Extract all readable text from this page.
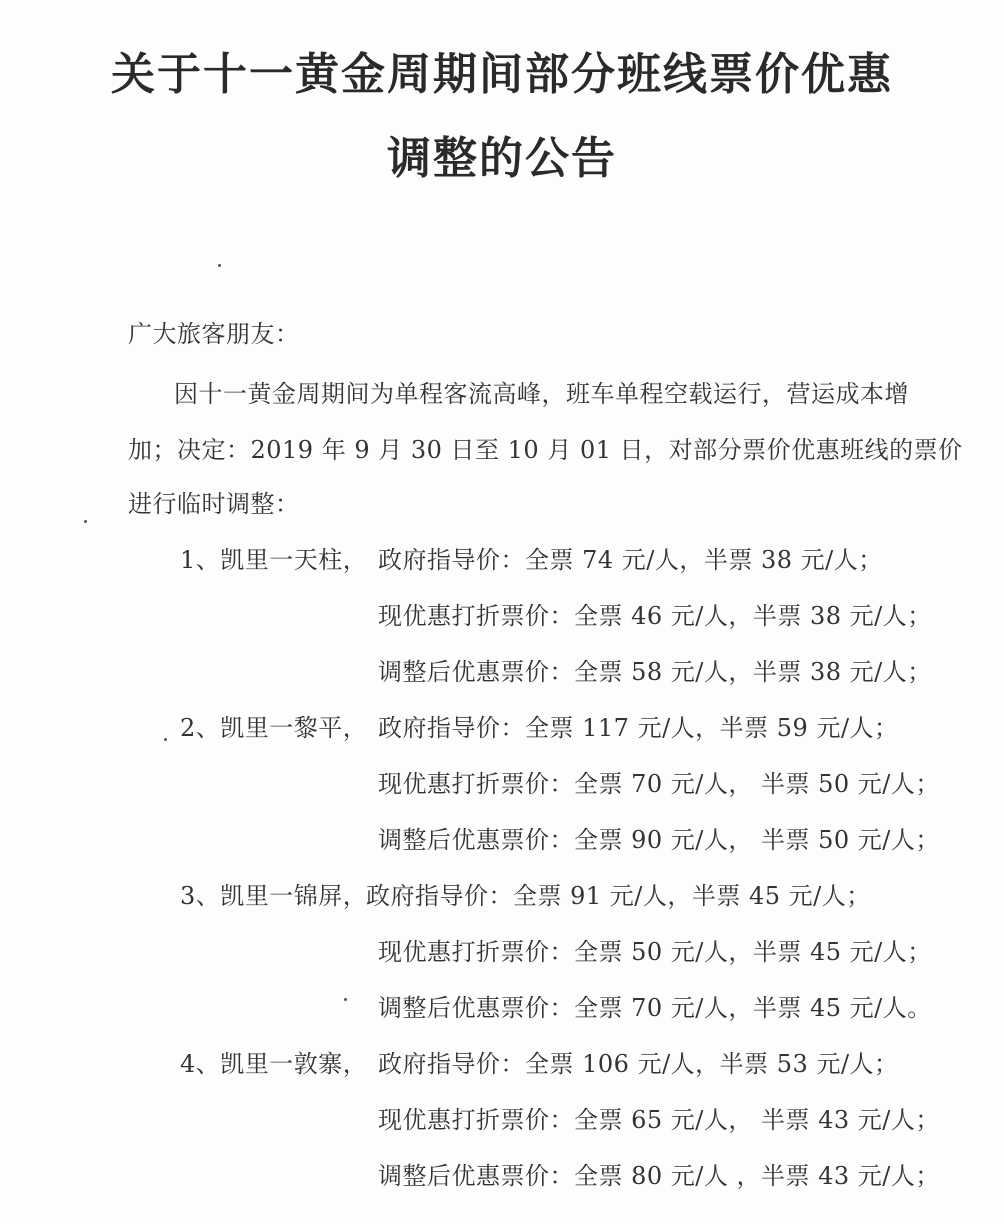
关于十一黄金周期间部分班线票价优惠
调整的公告
广大旅客朋友：
因十一黄金周期间为单程客流高峰，班车单程空载运行，营运成本增
加；决定：2019 年 9 月 30 日至 10 月 01 日，对部分票价优惠班线的票价
进行临时调整：
1、凯里一天柱， 政府指导价：全票 74 元/人，半票 38 元/人；
现优惠打折票价：全票 46 元/人，半票 38 元/人；
调整后优惠票价：全票 58 元/人，半票 38 元/人；
2、凯里一黎平， 政府指导价：全票 117 元/人，半票 59 元/人；
现优惠打折票价：全票 70 元/人， 半票 50 元/人；
调整后优惠票价：全票 90 元/人， 半票 50 元/人；
3、凯里一锦屏，
政府指导价：全票 91 元/人，半票 45 元/人；
现优惠打折票价：全票 50 元/人，半票 45 元/人；
调整后优惠票价：全票 70 元/人，半票 45 元/人。
4、凯里一敦寨， 政府指导价：全票 106 元/人，半票 53 元/人；
现优惠打折票价：全票 65 元/人， 半票 43 元/人；
调整后优惠票价：全票 80 元/人 ，半票 43 元/人；
